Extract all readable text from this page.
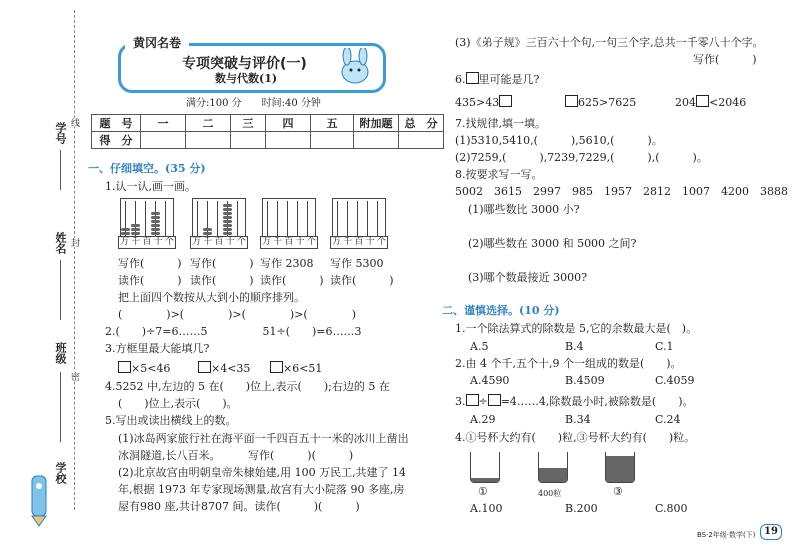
学号
姓名
班级
学校
线
封
密
黄冈名卷
专项突破与评价(一)
数与代数(1)
满分:100 分　　时间:40 分钟
题　号	一	二	三	四	五	附加题	总　分
得　分							
一、仔细填空。(35 分)
1.认一认,画一画。
万 千 百 十 个 万 千 百 十 个 万 千 百 十 个 万 千 百 十 个
写作(　　　) 写作(　　　) 写作 2308 写作 5300
读作(　　　) 读作(　　　) 读作(　　　) 读作(　　　)
把上面四个数按从大到小的顺序排列。
(　　　　)>(　　　　)>(　　　　)>(　　　　)
2.(　　)÷7=6……5　　　　　51÷(　　)=6……3
3.方框里最大能填几?
×5<46	×4<35	×6<51
4.5252 中,左边的 5 在(　　)位上,表示(　　);右边的 5 在
(　　)位上,表示(　　)。
5.写出或读出横线上的数。
(1)冰岛两家旅行社在海平面一千四百五十一米的冰川上凿出
冰洞隧道,长八百米。　　　写作(　　　)(　　　)
(2)北京故宫由明朝皇帝朱棣始建,用 100 万民工,共建了 14
年,根据 1973 年专家现场测量,故宫有大小院落 90 多座,房
屋有980 座,共计8707 间。读作(　　　)(　　　)
(3)《弟子规》三百六十个句,一句三个字,总共一千零八十个字。
写作(　　　)
6. 里可能是几?
435>43	625>7625	204 <2046
7.找规律,填一填。
(1)5310,5410,(　　　),5610,(　　　)。
(2)7259,(　　　),7239,7229,(　　　),(　　　)。
8.按要求写一写。
5002　3615　2997　985　1957　2812　1007　4200　3888
(1)哪些数比 3000 小?
(2)哪些数在 3000 和 5000 之间?
(3)哪个数最接近 3000?
二、谨慎选择。(10 分)
1.一个除法算式的除数是 5,它的余数最大是(　)。
A.5	B.4	C.1
2.由 4 个千,五个十,9 个一组成的数是(　　)。
A.4590	B.4509	C.4059
3. ÷ =4……4,除数最小时,被除数是(　　)。
A.29	B.34	C.24
4.①号杯大约有(　　)粒,③号杯大约有(　　)粒。
①	400粒	③
A.100	B.200	C.800
BS·2年级·数学(下) 19
